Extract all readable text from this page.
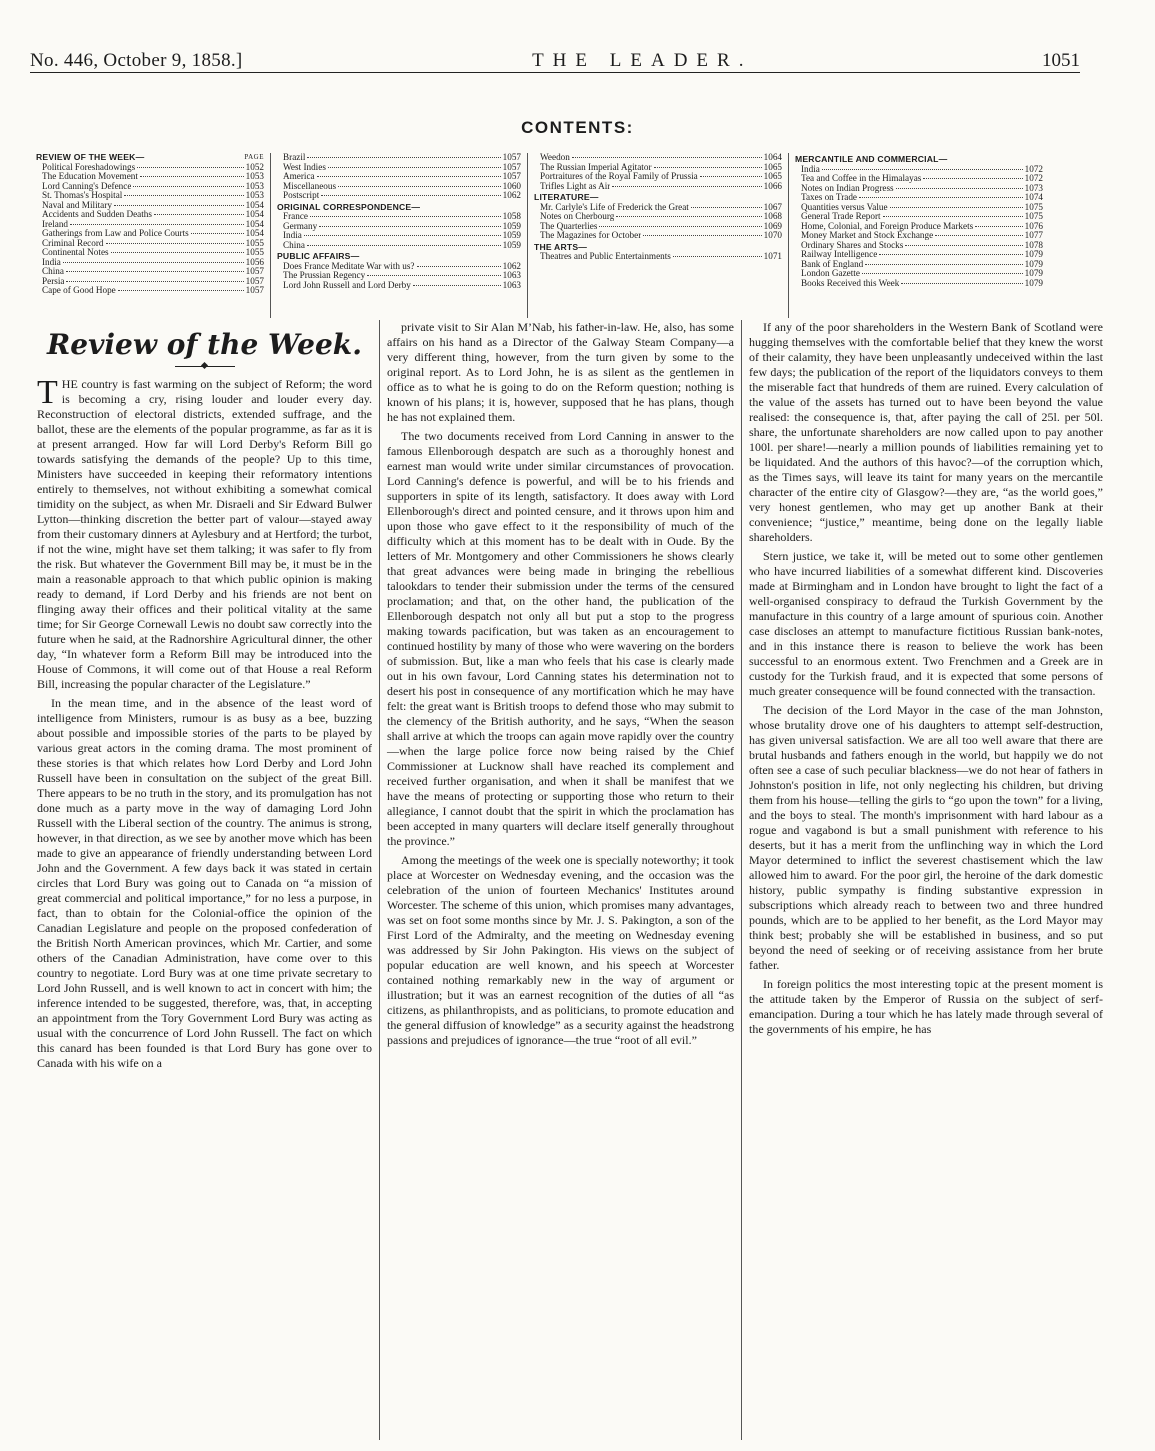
No. 446, October 9, 1858.]	THE LEADER.	1051
CONTENTS:
REVIEW OF THE WEEK—	PAGE
Political Foreshadowings	1052
The Education Movement	1053
Lord Canning's Defence	1053
St. Thomas's Hospital	1053
Naval and Military	1054
Accidents and Sudden Deaths	1054
Ireland	1054
Gatherings from Law and Police Courts	1054
Criminal Record	1055
Continental Notes	1055
India	1056
China	1057
Persia	1057
Cape of Good Hope	1057
Brazil	1057
West Indies	1057
America	1057
Miscellaneous	1060
Postscript	1062
ORIGINAL CORRESPONDENCE—
France	1058
Germany	1059
India	1059
China	1059
PUBLIC AFFAIRS—
Does France Meditate War with us?	1062
The Prussian Regency	1063
Lord John Russell and Lord Derby	1063
Weedon	1064
The Russian Imperial Agitator	1065
Portraitures of the Royal Family of Prussia	1065
Trifles Light as Air	1066
LITERATURE—
Mr. Carlyle's Life of Frederick the Great	1067
Notes on Cherbourg	1068
The Quarterlies	1069
The Magazines for October	1070
THE ARTS—
Theatres and Public Entertainments	1071
MERCANTILE AND COMMERCIAL—
India	1072
Tea and Coffee in the Himalayas	1072
Notes on Indian Progress	1073
Taxes on Trade	1074
Quantities versus Value	1075
General Trade Report	1075
Home, Colonial, and Foreign Produce Markets	1076
Money Market and Stock Exchange	1077
Ordinary Shares and Stocks	1078
Railway Intelligence	1079
Bank of England	1079
London Gazette	1079
Books Received this Week	1079
Review of the Week.

THE country is fast warming on the subject of Reform; the word is becoming a cry, rising louder and louder every day. Reconstruction of electoral districts, extended suffrage, and the ballot, these are the elements of the popular programme, as far as it is at present arranged. How far will Lord Derby's Reform Bill go towards satisfying the demands of the people? Up to this time, Ministers have succeeded in keeping their reformatory intentions entirely to themselves, not without exhibiting a somewhat comical timidity on the subject, as when Mr. Disraeli and Sir Edward Bulwer Lytton—thinking discretion the better part of valour—stayed away from their customary dinners at Aylesbury and at Hertford; the turbot, if not the wine, might have set them talking; it was safer to fly from the risk. But whatever the Government Bill may be, it must be in the main a reasonable approach to that which public opinion is making ready to demand, if Lord Derby and his friends are not bent on flinging away their offices and their political vitality at the same time; for Sir George Cornewall Lewis no doubt saw correctly into the future when he said, at the Radnorshire Agricultural dinner, the other day, “In whatever form a Reform Bill may be introduced into the House of Commons, it will come out of that House a real Reform Bill, increasing the popular character of the Legislature.”

In the mean time, and in the absence of the least word of intelligence from Ministers, rumour is as busy as a bee, buzzing about possible and impossible stories of the parts to be played by various great actors in the coming drama. The most prominent of these stories is that which relates how Lord Derby and Lord John Russell have been in consultation on the subject of the great Bill. There appears to be no truth in the story, and its promulgation has not done much as a party move in the way of damaging Lord John Russell with the Liberal section of the country. The animus is strong, however, in that direction, as we see by another move which has been made to give an appearance of friendly understanding between Lord John and the Government. A few days back it was stated in certain circles that Lord Bury was going out to Canada on “a mission of great commercial and political importance,” for no less a purpose, in fact, than to obtain for the Colonial-office the opinion of the Canadian Legislature and people on the proposed confederation of the British North American provinces, which Mr. Cartier, and some others of the Canadian Administration, have come over to this country to negotiate. Lord Bury was at one time private secretary to Lord John Russell, and is well known to act in concert with him; the inference intended to be suggested, therefore, was, that, in accepting an appointment from the Tory Government Lord Bury was acting as usual with the concurrence of Lord John Russell. The fact on which this canard has been founded is that Lord Bury has gone over to Canada with his wife on a

private visit to Sir Alan M’Nab, his father-in-law. He, also, has some affairs on his hand as a Director of the Galway Steam Company—a very different thing, however, from the turn given by some to the original report. As to Lord John, he is as silent as the gentlemen in office as to what he is going to do on the Reform question; nothing is known of his plans; it is, however, supposed that he has plans, though he has not explained them.

The two documents received from Lord Canning in answer to the famous Ellenborough despatch are such as a thoroughly honest and earnest man would write under similar circumstances of provocation. Lord Canning's defence is powerful, and will be to his friends and supporters in spite of its length, satisfactory. It does away with Lord Ellenborough's direct and pointed censure, and it throws upon him and upon those who gave effect to it the responsibility of much of the difficulty which at this moment has to be dealt with in Oude. By the letters of Mr. Montgomery and other Commissioners he shows clearly that great advances were being made in bringing the rebellious talookdars to tender their submission under the terms of the censured proclamation; and that, on the other hand, the publication of the Ellenborough despatch not only all but put a stop to the progress making towards pacification, but was taken as an encouragement to continued hostility by many of those who were wavering on the borders of submission. But, like a man who feels that his case is clearly made out in his own favour, Lord Canning states his determination not to desert his post in consequence of any mortification which he may have felt: the great want is British troops to defend those who may submit to the clemency of the British authority, and he says, “When the season shall arrive at which the troops can again move rapidly over the country—when the large police force now being raised by the Chief Commissioner at Lucknow shall have reached its complement and received further organisation, and when it shall be manifest that we have the means of protecting or supporting those who return to their allegiance, I cannot doubt that the spirit in which the proclamation has been accepted in many quarters will declare itself generally throughout the province.”

Among the meetings of the week one is specially noteworthy; it took place at Worcester on Wednesday evening, and the occasion was the celebration of the union of fourteen Mechanics' Institutes around Worcester. The scheme of this union, which promises many advantages, was set on foot some months since by Mr. J. S. Pakington, a son of the First Lord of the Admiralty, and the meeting on Wednesday evening was addressed by Sir John Pakington. His views on the subject of popular education are well known, and his speech at Worcester contained nothing remarkably new in the way of argument or illustration; but it was an earnest recognition of the duties of all “as citizens, as philanthropists, and as politicians, to promote education and the general diffusion of knowledge” as a security against the headstrong passions and prejudices of ignorance—the true “root of all evil.”

If any of the poor shareholders in the Western Bank of Scotland were hugging themselves with the comfortable belief that they knew the worst of their calamity, they have been unpleasantly undeceived within the last few days; the publication of the report of the liquidators conveys to them the miserable fact that hundreds of them are ruined. Every calculation of the value of the assets has turned out to have been beyond the value realised: the consequence is, that, after paying the call of 25l. per 50l. share, the unfortunate shareholders are now called upon to pay another 100l. per share!—nearly a million pounds of liabilities remaining yet to be liquidated. And the authors of this havoc?—of the corruption which, as the Times says, will leave its taint for many years on the mercantile character of the entire city of Glasgow?—they are, “as the world goes,” very honest gentlemen, who may get up another Bank at their convenience; “justice,” meantime, being done on the legally liable shareholders.

Stern justice, we take it, will be meted out to some other gentlemen who have incurred liabilities of a somewhat different kind. Discoveries made at Birmingham and in London have brought to light the fact of a well-organised conspiracy to defraud the Turkish Government by the manufacture in this country of a large amount of spurious coin. Another case discloses an attempt to manufacture fictitious Russian bank-notes, and in this instance there is reason to believe the work has been successful to an enormous extent. Two Frenchmen and a Greek are in custody for the Turkish fraud, and it is expected that some persons of much greater consequence will be found connected with the transaction.

The decision of the Lord Mayor in the case of the man Johnston, whose brutality drove one of his daughters to attempt self-destruction, has given universal satisfaction. We are all too well aware that there are brutal husbands and fathers enough in the world, but happily we do not often see a case of such peculiar blackness—we do not hear of fathers in Johnston's position in life, not only neglecting his children, but driving them from his house—telling the girls to “go upon the town” for a living, and the boys to steal. The month's imprisonment with hard labour as a rogue and vagabond is but a small punishment with reference to his deserts, but it has a merit from the unflinching way in which the Lord Mayor determined to inflict the severest chastisement which the law allowed him to award. For the poor girl, the heroine of the dark domestic history, public sympathy is finding substantive expression in subscriptions which already reach to between two and three hundred pounds, which are to be applied to her benefit, as the Lord Mayor may think best; probably she will be established in business, and so put beyond the need of seeking or of receiving assistance from her brute father.

In foreign politics the most interesting topic at the present moment is the attitude taken by the Emperor of Russia on the subject of serf-emancipation. During a tour which he has lately made through several of the governments of his empire, he has
